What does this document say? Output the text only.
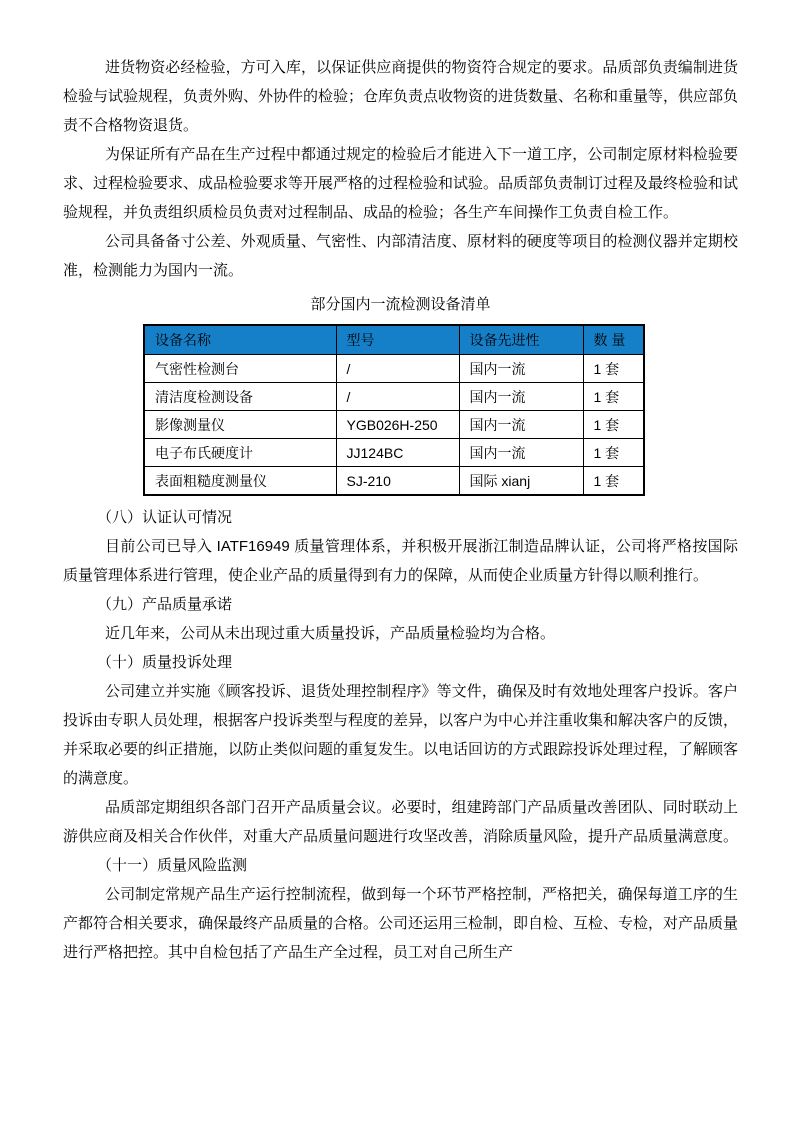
进货物资必经检验，方可入库，以保证供应商提供的物资符合规定的要求。品质部负责编制进货检验与试验规程，负责外购、外协件的检验；仓库负责点收物资的进货数量、名称和重量等，供应部负责不合格物资退货。

为保证所有产品在生产过程中都通过规定的检验后才能进入下一道工序，公司制定原材料检验要求、过程检验要求、成品检验要求等开展严格的过程检验和试验。品质部负责制订过程及最终检验和试验规程，并负责组织质检员负责对过程制品、成品的检验；各生产车间操作工负责自检工作。

公司具备备寸公差、外观质量、气密性、内部清洁度、原材料的硬度等项目的检测仪器并定期校准，检测能力为国内一流。

部分国内一流检测设备清单

设备名称	型号	设备先进性	数 量
气密性检测台	/	国内一流	1 套
清洁度检测设备	/	国内一流	1 套
影像测量仪	YGB026H-250	国内一流	1 套
电子布氏硬度计	JJ124BC	国内一流	1 套
表面粗糙度测量仪	SJ-210	国际 xianj	1 套

（八）认证认可情况

目前公司已导入 IATF16949 质量管理体系，并积极开展浙江制造品牌认证，公司将严格按国际质量管理体系进行管理，使企业产品的质量得到有力的保障，从而使企业质量方针得以顺利推行。

（九）产品质量承诺

近几年来，公司从未出现过重大质量投诉，产品质量检验均为合格。

（十）质量投诉处理

公司建立并实施《顾客投诉、退货处理控制程序》等文件，确保及时有效地处理客户投诉。客户投诉由专职人员处理，根据客户投诉类型与程度的差异，以客户为中心并注重收集和解决客户的反馈，并采取必要的纠正措施，以防止类似问题的重复发生。以电话回访的方式跟踪投诉处理过程，了解顾客的满意度。

品质部定期组织各部门召开产品质量会议。必要时，组建跨部门产品质量改善团队、同时联动上游供应商及相关合作伙伴，对重大产品质量问题进行攻坚改善，消除质量风险，提升产品质量满意度。

（十一）质量风险监测

公司制定常规产品生产运行控制流程，做到每一个环节严格控制，严格把关，确保每道工序的生产都符合相关要求，确保最终产品质量的合格。公司还运用三检制，即自检、互检、专检，对产品质量进行严格把控。其中自检包括了产品生产全过程，员工对自己所生产
